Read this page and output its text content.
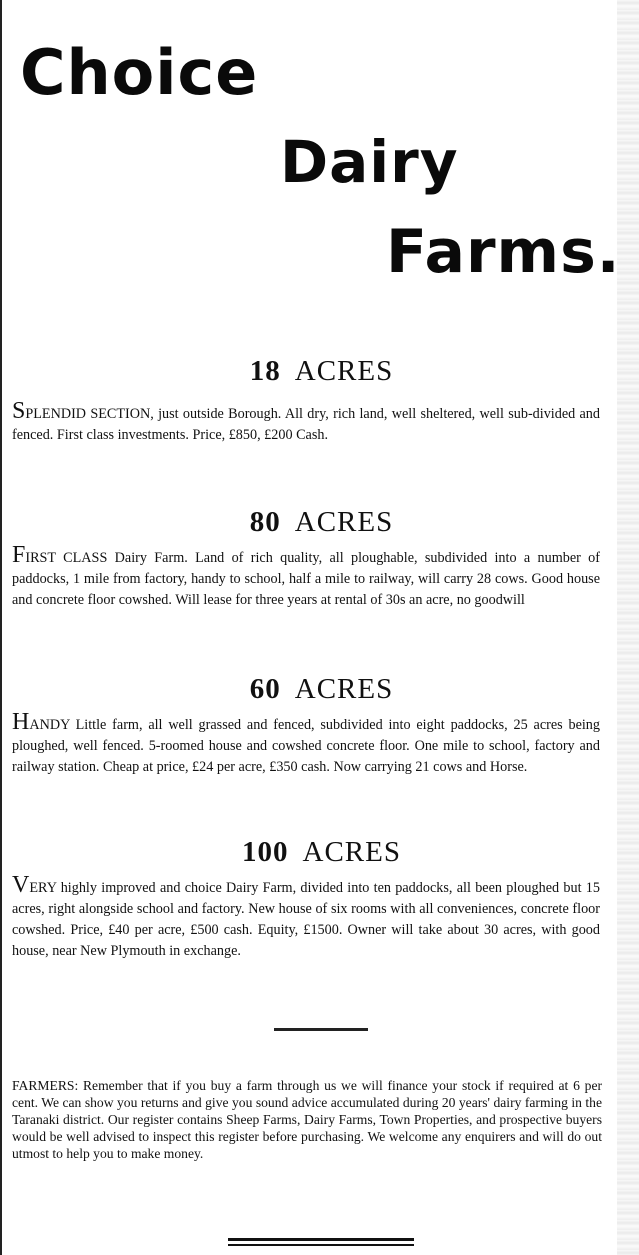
Choice
Dairy
Farms.
18 ACRES

SPLENDID SECTION, just outside Borough. All dry, rich land, well sheltered, well sub-divided and fenced. First class investments. Price, £850, £200 Cash.

80 ACRES

FIRST CLASS Dairy Farm. Land of rich quality, all ploughable, subdivided into a number of paddocks, 1 mile from factory, handy to school, half a mile to railway, will carry 28 cows. Good house and concrete floor cowshed. Will lease for three years at rental of 30s an acre, no goodwill

60 ACRES

HANDY Little farm, all well grassed and fenced, subdivided into eight paddocks, 25 acres being ploughed, well fenced. 5-roomed house and cowshed concrete floor. One mile to school, factory and railway station. Cheap at price, £24 per acre, £350 cash. Now carrying 21 cows and Horse.

100 ACRES

VERY highly improved and choice Dairy Farm, divided into ten paddocks, all been ploughed but 15 acres, right alongside school and factory. New house of six rooms with all conveniences, concrete floor cowshed. Price, £40 per acre, £500 cash. Equity, £1500. Owner will take about 30 acres, with good house, near New Plymouth in exchange.

FARMERS: Remember that if you buy a farm through us we will finance your stock if required at 6 per cent. We can show you returns and give you sound advice accumulated during 20 years' dairy farming in the Taranaki district. Our register contains Sheep Farms, Dairy Farms, Town Properties, and prospective buyers would be well advised to inspect this register before purchasing. We welcome any enquirers and will do out utmost to help you to make money.
